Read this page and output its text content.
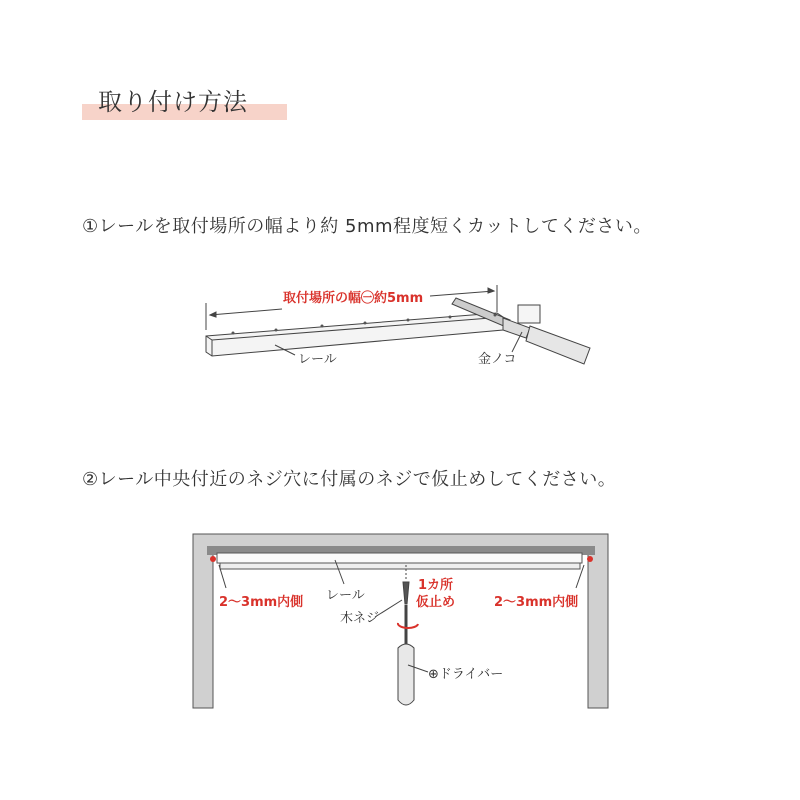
取り付け方法
①レールを取付場所の幅より約 5mm程度短くカットしてください。
②レール中央付近のネジ穴に付属のネジで仮止めしてください。
取付場所の幅㊀約5mm
レール	金ノコ
2～3mm内側	2～3mm内側
レール
1カ所
仮止め
木ネジ
⊕ドライバー
